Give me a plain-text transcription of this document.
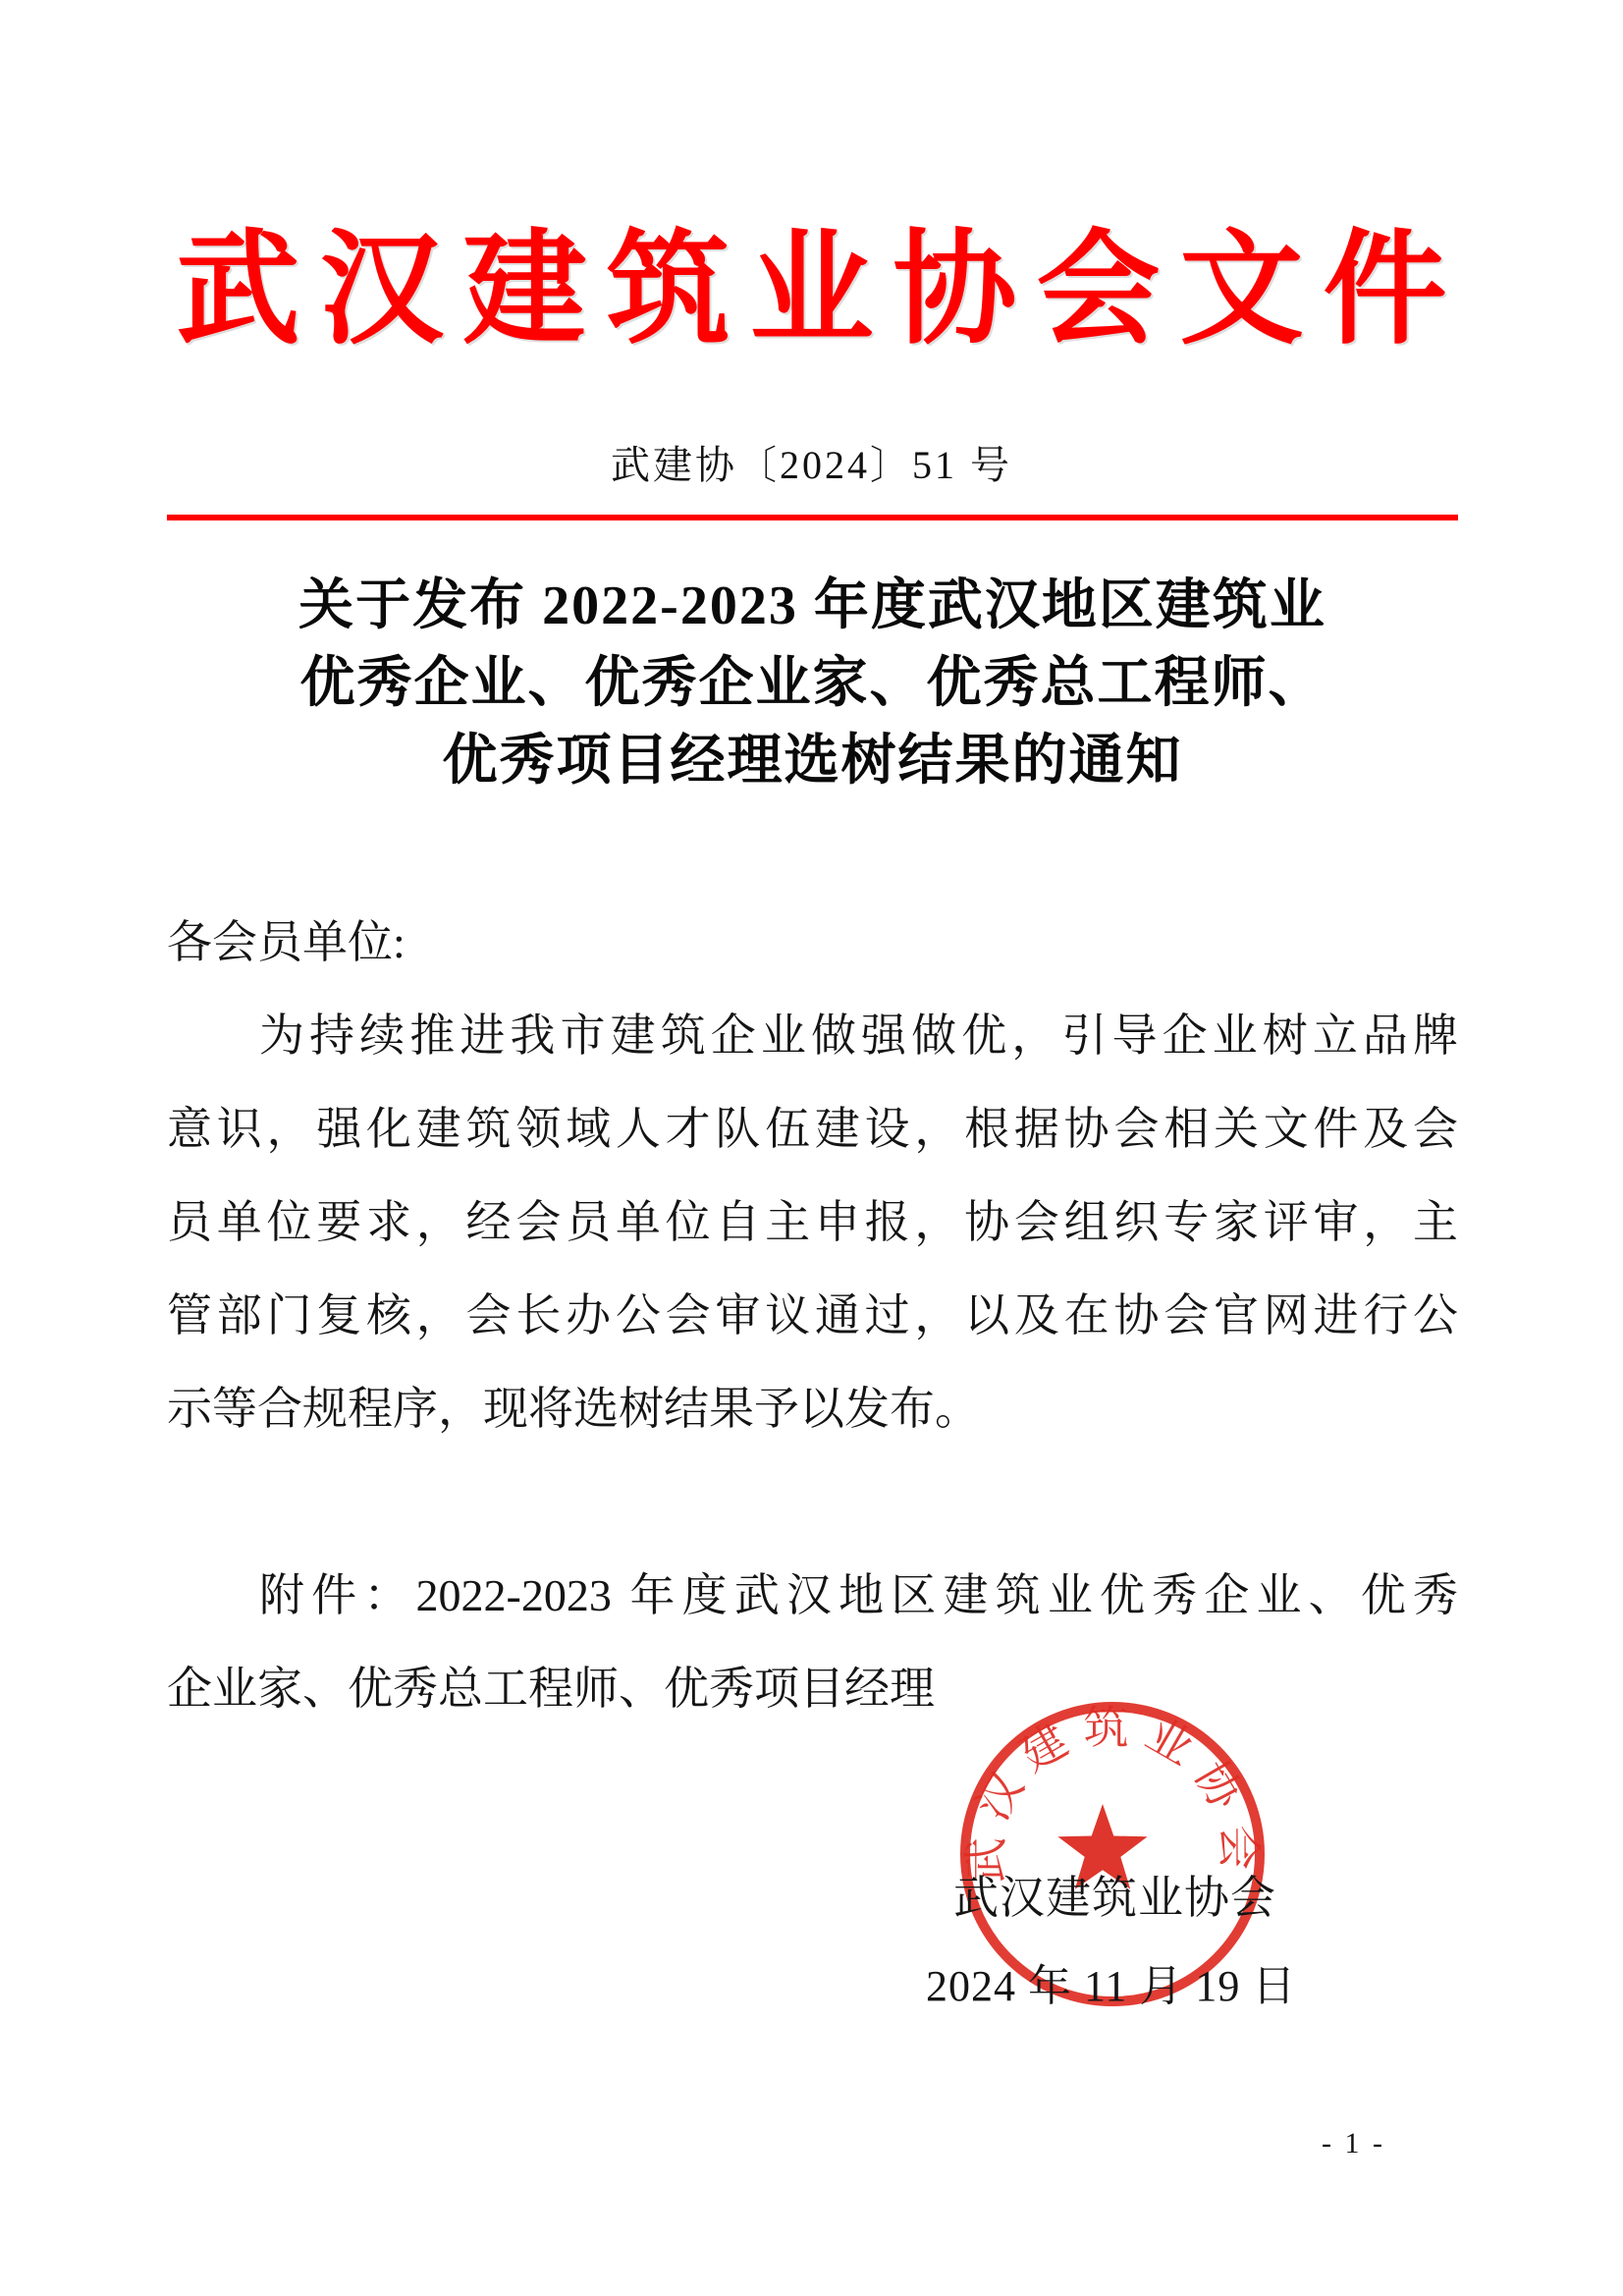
武汉建筑业协会文件
武建协〔2024〕51 号
关于发布 2022-2023 年度武汉地区建筑业
优秀企业、优秀企业家、优秀总工程师、
优秀项目经理选树结果的通知
各会员单位:
为持续推进我市建筑企业做强做优，引导企业树立品牌
意识，强化建筑领域人才队伍建设，根据协会相关文件及会
员单位要求，经会员单位自主申报，协会组织专家评审，主
管部门复核，会长办公会审议通过，以及在协会官网进行公
示等合规程序，现将选树结果予以发布。
附件：2022-2023 年度武汉地区建筑业优秀企业、优秀
企业家、优秀总工程师、优秀项目经理
武汉建筑业协会
武汉建筑业协会
2024 年 11 月 19 日
- 1 -
